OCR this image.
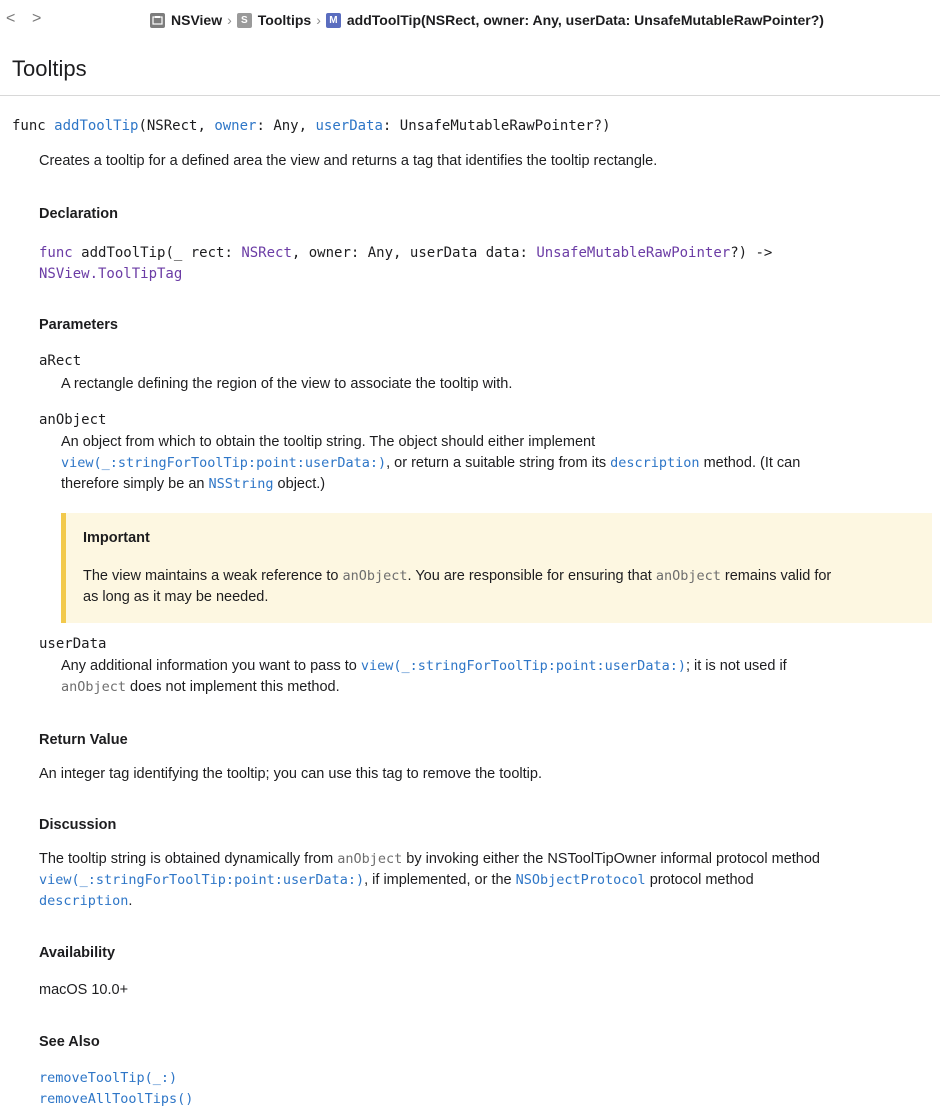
< >	NSView › S Tooltips › M addToolTip(NSRect, owner: Any, userData: UnsafeMutableRawPointer?)
Tooltips
func addToolTip(NSRect, owner: Any, userData: UnsafeMutableRawPointer?)
Creates a tooltip for a defined area the view and returns a tag that identifies the tooltip rectangle.
Declaration
func addToolTip(_ rect: NSRect, owner: Any, userData data: UnsafeMutableRawPointer?) ->
NSView.ToolTipTag
Parameters
aRect
A rectangle defining the region of the view to associate the tooltip with.
anObject
An object from which to obtain the tooltip string. The object should either implement
view(_:stringForToolTip:point:userData:), or return a suitable string from its description method. (It can
therefore simply be an NSString object.)
Important
The view maintains a weak reference to anObject. You are responsible for ensuring that anObject remains valid for
as long as it may be needed.
userData
Any additional information you want to pass to view(_:stringForToolTip:point:userData:); it is not used if
anObject does not implement this method.
Return Value
An integer tag identifying the tooltip; you can use this tag to remove the tooltip.
Discussion
The tooltip string is obtained dynamically from anObject by invoking either the NSToolTipOwner informal protocol method
view(_:stringForToolTip:point:userData:), if implemented, or the NSObjectProtocol protocol method
description.
Availability
macOS 10.0+
See Also
removeToolTip(_:)
removeAllToolTips()
